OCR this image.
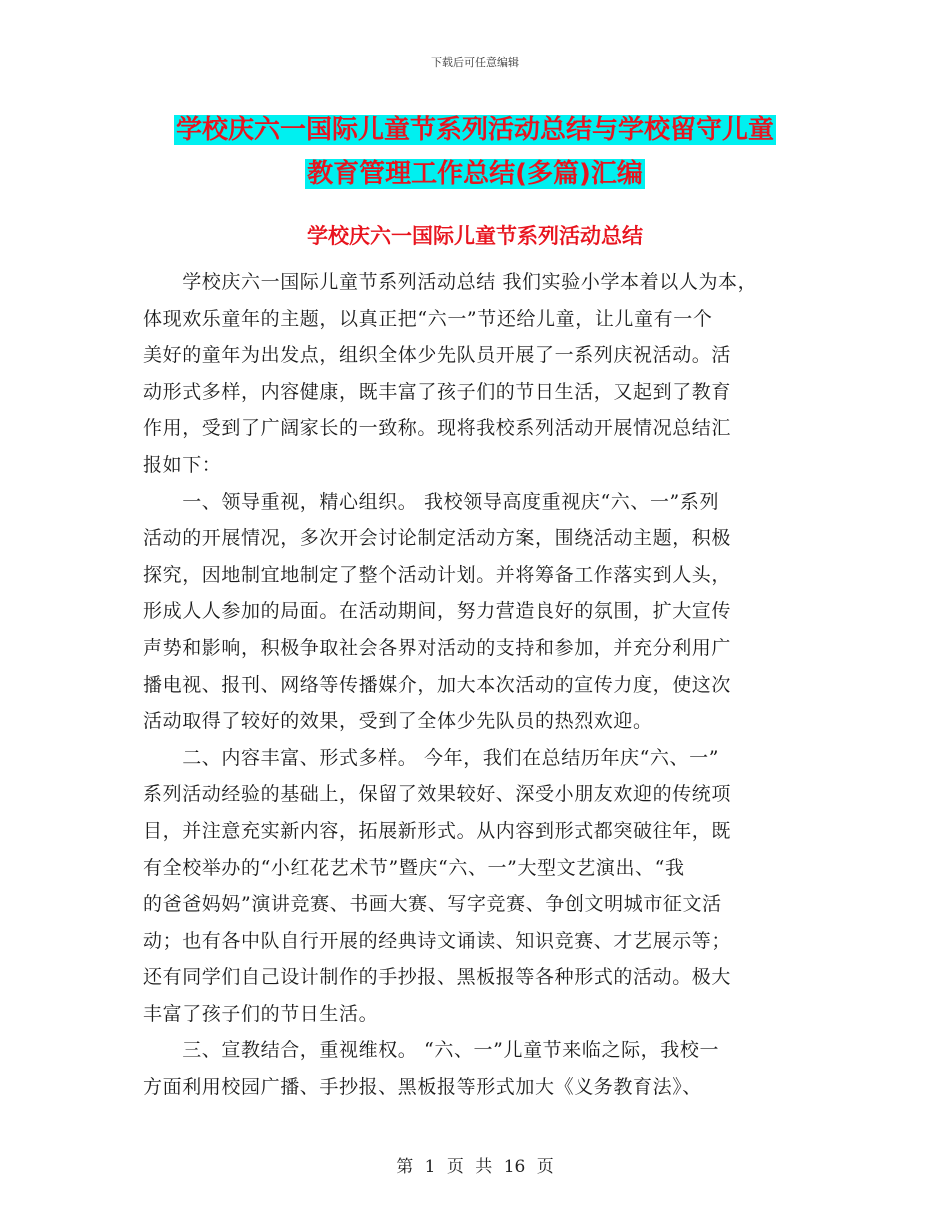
下载后可任意编辑
学校庆六一国际儿童节系列活动总结与学校留守儿童
教育管理工作总结(多篇)汇编
学校庆六一国际儿童节系列活动总结
　　学校庆六一国际儿童节系列活动总结 我们实验小学本着以人为本，
体现欢乐童年的主题，以真正把“六一”节还给儿童，让儿童有一个
美好的童年为出发点，组织全体少先队员开展了一系列庆祝活动。活
动形式多样，内容健康，既丰富了孩子们的节日生活，又起到了教育
作用，受到了广阔家长的一致称。现将我校系列活动开展情况总结汇
报如下：
　　一、领导重视，精心组织。 我校领导高度重视庆“六、一”系列
活动的开展情况，多次开会讨论制定活动方案，围绕活动主题，积极
探究，因地制宜地制定了整个活动计划。并将筹备工作落实到人头，
形成人人参加的局面。在活动期间，努力营造良好的氛围，扩大宣传
声势和影响，积极争取社会各界对活动的支持和参加，并充分利用广
播电视、报刊、网络等传播媒介，加大本次活动的宣传力度，使这次
活动取得了较好的效果，受到了全体少先队员的热烈欢迎。
　　二、内容丰富、形式多样。 今年，我们在总结历年庆“六、一”
系列活动经验的基础上，保留了效果较好、深受小朋友欢迎的传统项
目，并注意充实新内容，拓展新形式。从内容到形式都突破往年，既
有全校举办的“小红花艺术节”暨庆“六、一”大型文艺演出、“我
的爸爸妈妈”演讲竞赛、书画大赛、写字竞赛、争创文明城市征文活
动；也有各中队自行开展的经典诗文诵读、知识竞赛、才艺展示等；
还有同学们自己设计制作的手抄报、黑板报等各种形式的活动。极大
丰富了孩子们的节日生活。
　　三、宣教结合，重视维权。 “六、一”儿童节来临之际，我校一
方面利用校园广播、手抄报、黑板报等形式加大《义务教育法》、
第 1 页 共 16 页
